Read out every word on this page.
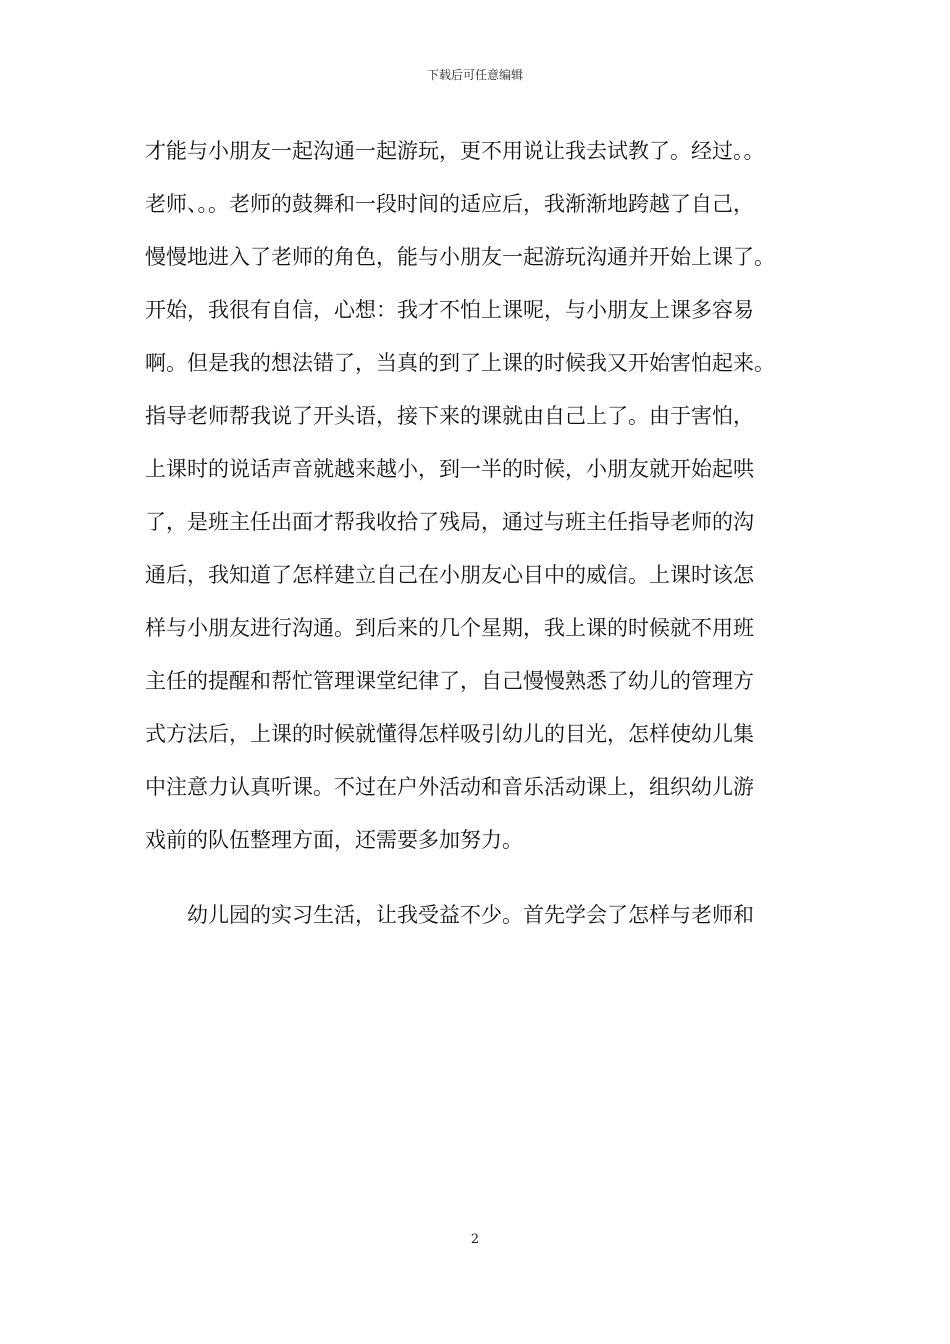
下载后可任意编辑
才能与小朋友一起沟通一起游玩，更不用说让我去试教了。经过。。
老师、。。老师的鼓舞和一段时间的适应后，我渐渐地跨越了自己，
慢慢地进入了老师的角色，能与小朋友一起游玩沟通并开始上课了。
开始，我很有自信，心想：我才不怕上课呢，与小朋友上课多容易
啊。但是我的想法错了，当真的到了上课的时候我又开始害怕起来。
指导老师帮我说了开头语，接下来的课就由自己上了。由于害怕，
上课时的说话声音就越来越小，到一半的时候，小朋友就开始起哄
了，是班主任出面才帮我收拾了残局，通过与班主任指导老师的沟
通后，我知道了怎样建立自己在小朋友心目中的威信。上课时该怎
样与小朋友进行沟通。到后来的几个星期，我上课的时候就不用班
主任的提醒和帮忙管理课堂纪律了，自己慢慢熟悉了幼儿的管理方
式方法后，上课的时候就懂得怎样吸引幼儿的目光，怎样使幼儿集
中注意力认真听课。不过在户外活动和音乐活动课上，组织幼儿游
戏前的队伍整理方面，还需要多加努力。
幼儿园的实习生活，让我受益不少。首先学会了怎样与老师和
2
